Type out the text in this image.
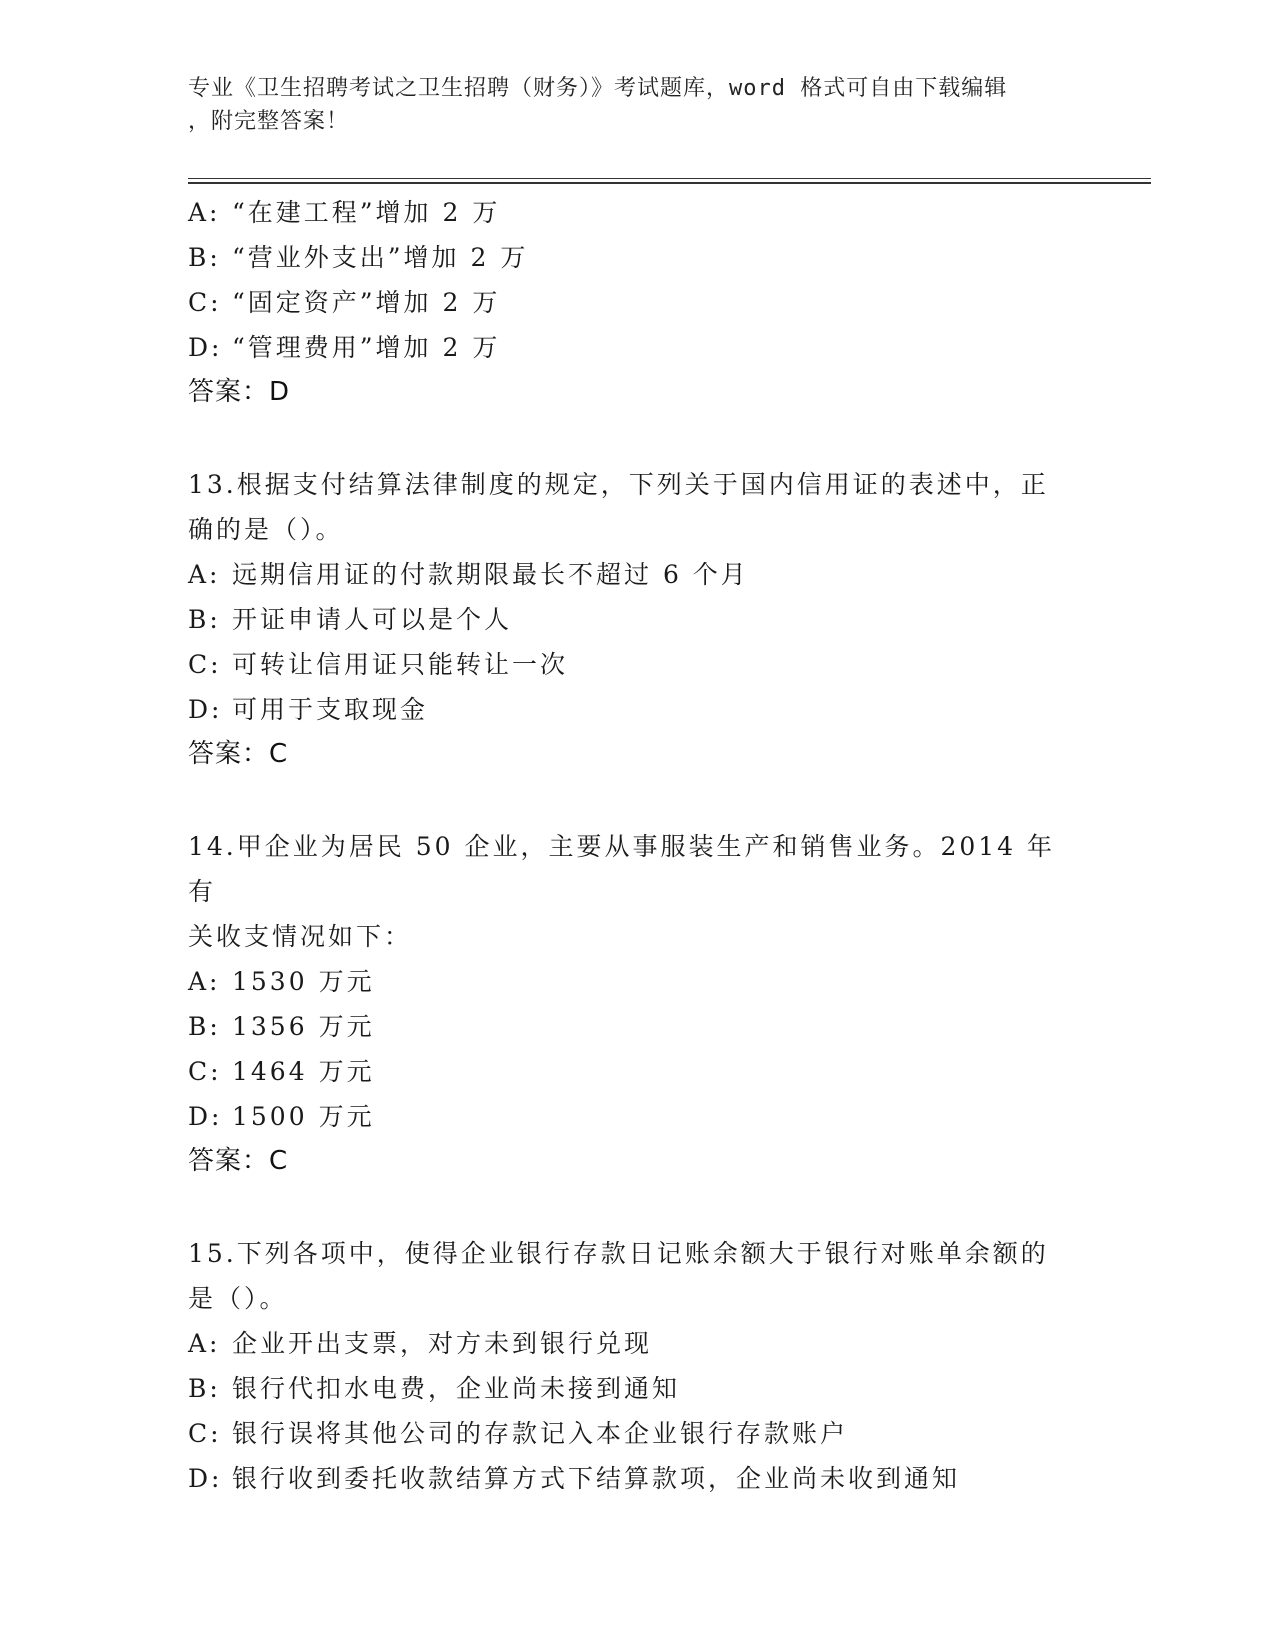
专业《卫生招聘考试之卫生招聘（财务）》考试题库，word 格式可自由下载编辑
，附完整答案！
A: “在建工程”增加 2 万
B: “营业外支出”增加 2 万
C: “固定资产”增加 2 万
D: “管理费用”增加 2 万
答案：D
13.根据支付结算法律制度的规定，下列关于国内信用证的表述中，正
确的是（）。
A: 远期信用证的付款期限最长不超过 6 个月
B: 开证申请人可以是个人
C: 可转让信用证只能转让一次
D: 可用于支取现金
答案：C
14.甲企业为居民 50 企业，主要从事服装生产和销售业务。2014 年有
关收支情况如下：
A: 1530 万元
B: 1356 万元
C: 1464 万元
D: 1500 万元
答案：C
15.下列各项中，使得企业银行存款日记账余额大于银行对账单余额的
是（）。
A: 企业开出支票，对方未到银行兑现
B: 银行代扣水电费，企业尚未接到通知
C: 银行误将其他公司的存款记入本企业银行存款账户
D: 银行收到委托收款结算方式下结算款项，企业尚未收到通知
